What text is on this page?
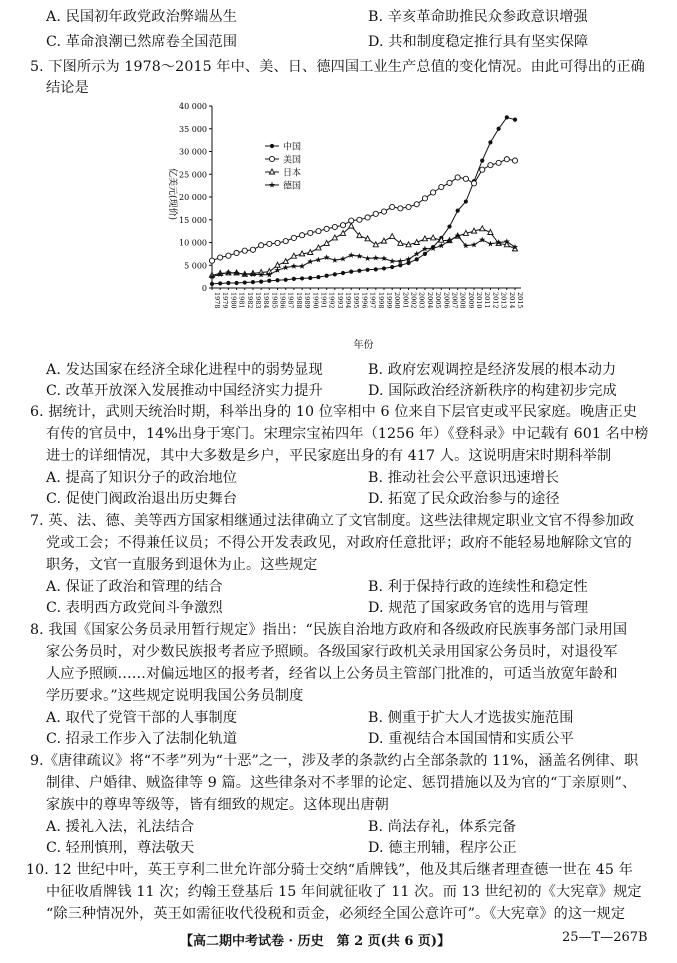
A. 民国初年政党政治弊端丛生	B. 辛亥革命助推民众参政意识增强
C. 革命浪潮已然席卷全国范围	D. 共和制度稳定推行具有坚实保障
5. 下图所示为 1978～2015 年中、美、日、德四国工业生产总值的变化情况。由此可得出的正确
结论是
0
5 000
10 000
15 000
20 000
25 000
30 000
35 000
40 000
1978 1979 1980 1981 1982 1983 1984 1985 1986 1987 1988 1989 1990 1991 1992 1993 1994 1995 1996 1997 1998 1999 2000 2001 2002 2003 2004 2005 2006 2007 2008 2009 2010 2011 2012 2013 2014 2015
年份
亿美元(现价)
中国
美国
日本
德国
A. 发达国家在经济全球化进程中的弱势显现	B. 政府宏观调控是经济发展的根本动力
C. 改革开放深入发展推动中国经济实力提升	D. 国际政治经济新秩序的构建初步完成
6. 据统计，武则天统治时期，科举出身的 10 位宰相中 6 位来自下层官吏或平民家庭。晚唐正史
有传的官员中，14%出身于寒门。宋理宗宝祐四年（1256 年）《登科录》中记载有 601 名中榜
进士的详细情况，其中大多数是乡户，平民家庭出身的有 417 人。这说明唐宋时期科举制
A. 提高了知识分子的政治地位	B. 推动社会公平意识迅速增长
C. 促使门阀政治退出历史舞台	D. 拓宽了民众政治参与的途径
7. 英、法、德、美等西方国家相继通过法律确立了文官制度。这些法律规定职业文官不得参加政
党或工会；不得兼任议员；不得公开发表政见，对政府任意批评；政府不能轻易地解除文官的
职务，文官一直服务到退休为止。这些规定
A. 保证了政治和管理的结合	B. 利于保持行政的连续性和稳定性
C. 表明西方政党间斗争激烈	D. 规范了国家政务官的选用与管理
8. 我国《国家公务员录用暂行规定》指出：“民族自治地方政府和各级政府民族事务部门录用国
家公务员时，对少数民族报考者应予照顾。各级国家行政机关录用国家公务员时，对退役军
人应予照顾……对偏远地区的报考者，经省以上公务员主管部门批准的，可适当放宽年龄和
学历要求。”这些规定说明我国公务员制度
A. 取代了党管干部的人事制度	B. 侧重于扩大人才选拔实施范围
C. 招录工作步入了法制化轨道	D. 重视结合本国国情和实质公平
9.《唐律疏议》将“不孝”列为“十恶”之一，涉及孝的条款约占全部条款的 11%，涵盖名例律、职
制律、户婚律、贼盗律等 9 篇。这些律条对不孝罪的论定、惩罚措施以及为官的“丁亲原则”、
家族中的尊卑等级等，皆有细致的规定。这体现出唐朝
A. 援礼入法，礼法结合	B. 尚法存礼，体系完备
C. 轻刑慎刑，尊法敬天	D. 德主刑辅，程序公正
10. 12 世纪中叶，英王亨利二世允许部分骑士交纳“盾牌钱”，他及其后继者理查德一世在 45 年
中征收盾牌钱 11 次；约翰王登基后 15 年间就征收了 11 次。而 13 世纪初的《大宪章》规定
“除三种情况外，英王如需征收代役税和贡金，必须经全国公意许可”。《大宪章》的这一规定
【高二期中考试卷 · 历史　第 2 页(共 6 页)】	25—T—267B
